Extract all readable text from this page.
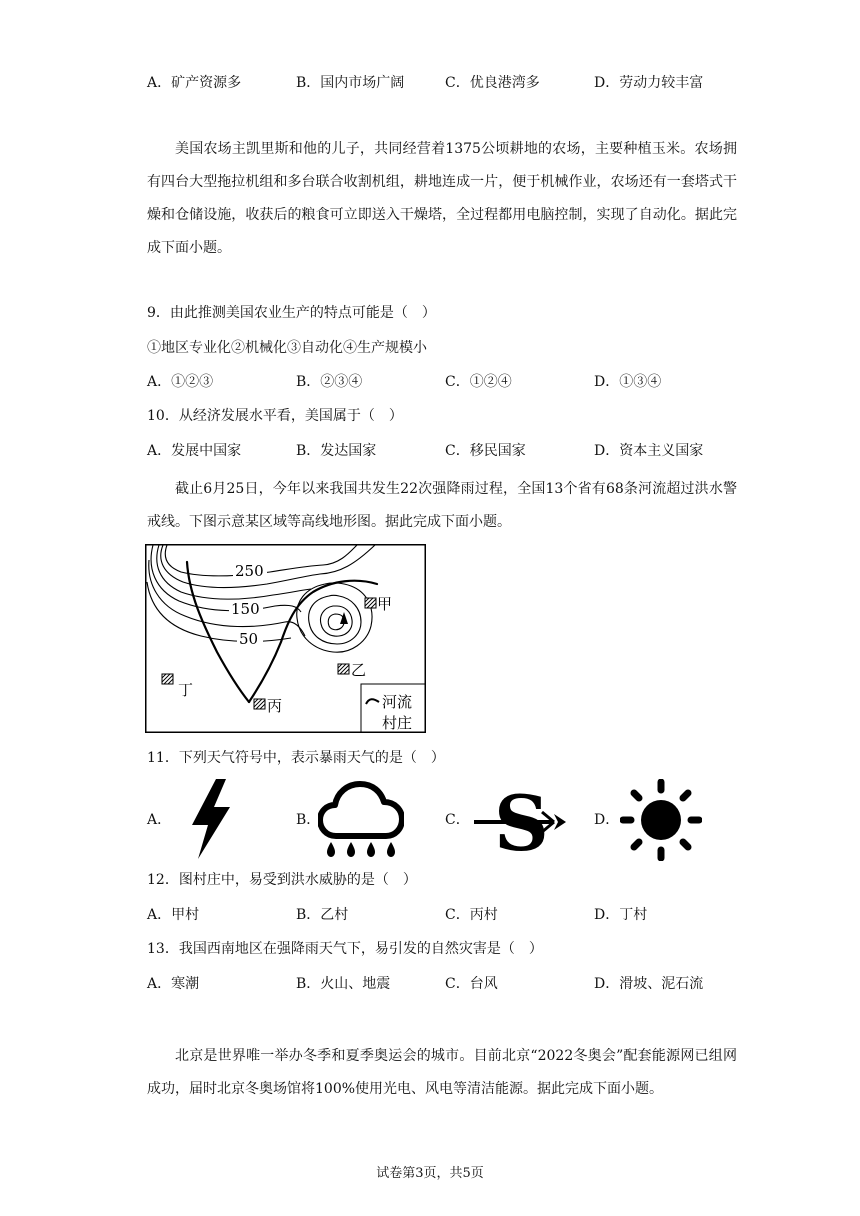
A．矿产资源多	B．国内市场广阔	C．优良港湾多	D．劳动力较丰富
美国农场主凯里斯和他的儿子，共同经营着1375公顷耕地的农场，主要种植玉米。农场拥有四台大型拖拉机组和多台联合收割机组，耕地连成一片，便于机械作业，农场还有一套塔式干燥和仓储设施，收获后的粮食可立即送入干燥塔，全过程都用电脑控制，实现了自动化。据此完成下面小题。
9．由此推测美国农业生产的特点可能是（　）
①地区专业化②机械化③自动化④生产规模小
A．①②③	B．②③④	C．①②④	D．①③④
10．从经济发展水平看，美国属于（　）
A．发展中国家	B．发达国家	C．移民国家	D．资本主义国家
截止6月25日，今年以来我国共发生22次强降雨过程，全国13个省有68条河流超过洪水警戒线。下图示意某区域等高线地形图。据此完成下面小题。
250
150
50
甲
乙
丙
丁
河流
村庄
11．下列天气符号中，表示暴雨天气的是（　）
A．	B．	C．	D．
S
12．图村庄中，易受到洪水威胁的是（　）
A．甲村	B．乙村	C．丙村	D．丁村
13．我国西南地区在强降雨天气下，易引发的自然灾害是（　）
A．寒潮	B．火山、地震	C．台风	D．滑坡、泥石流
北京是世界唯一举办冬季和夏季奥运会的城市。目前北京“2022冬奥会”配套能源网已组网成功，届时北京冬奥场馆将100%使用光电、风电等清洁能源。据此完成下面小题。
试卷第3页，共5页
